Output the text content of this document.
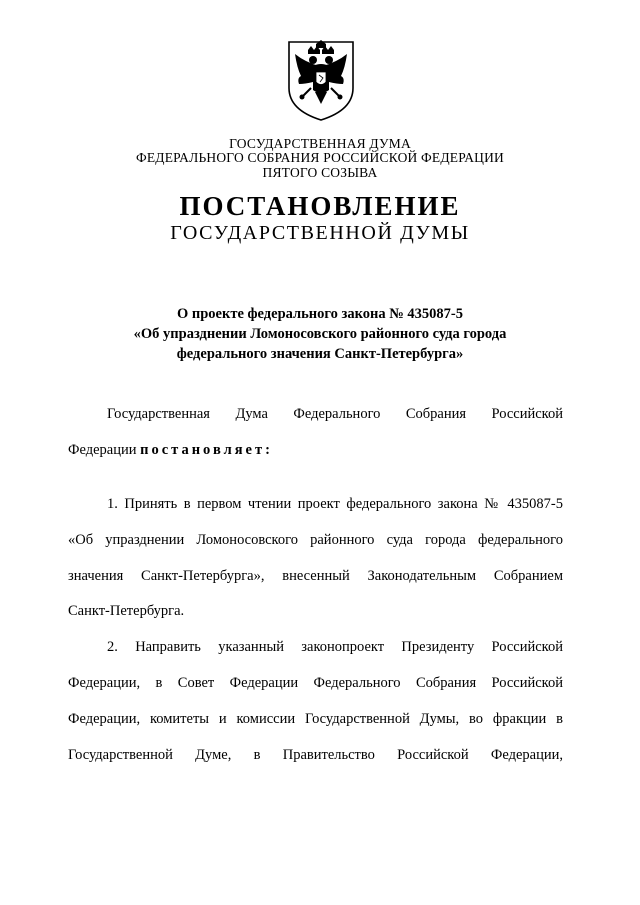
ГОСУДАРСТВЕННАЯ ДУМА
ФЕДЕРАЛЬНОГО СОБРАНИЯ РОССИЙСКОЙ ФЕДЕРАЦИИ
ПЯТОГО СОЗЫВА
ПОСТАНОВЛЕНИЕ
ГОСУДАРСТВЕННОЙ ДУМЫ
О проекте федерального закона № 435087-5
«Об упразднении Ломоносовского районного суда города
федерального значения Санкт-Петербурга»
Государственная Дума Федерального Собрания Российской
Федерации постановляет:
1. Принять в первом чтении проект федерального закона № 435087-5
«Об упразднении Ломоносовского районного суда города федерального
значения Санкт-Петербурга», внесенный Законодательным Собранием
Санкт-Петербурга.
2. Направить указанный законопроект Президенту Российской
Федерации, в Совет Федерации Федерального Собрания Российской
Федерации, комитеты и комиссии Государственной Думы, во фракции в
Государственной Думе, в Правительство Российской Федерации,
